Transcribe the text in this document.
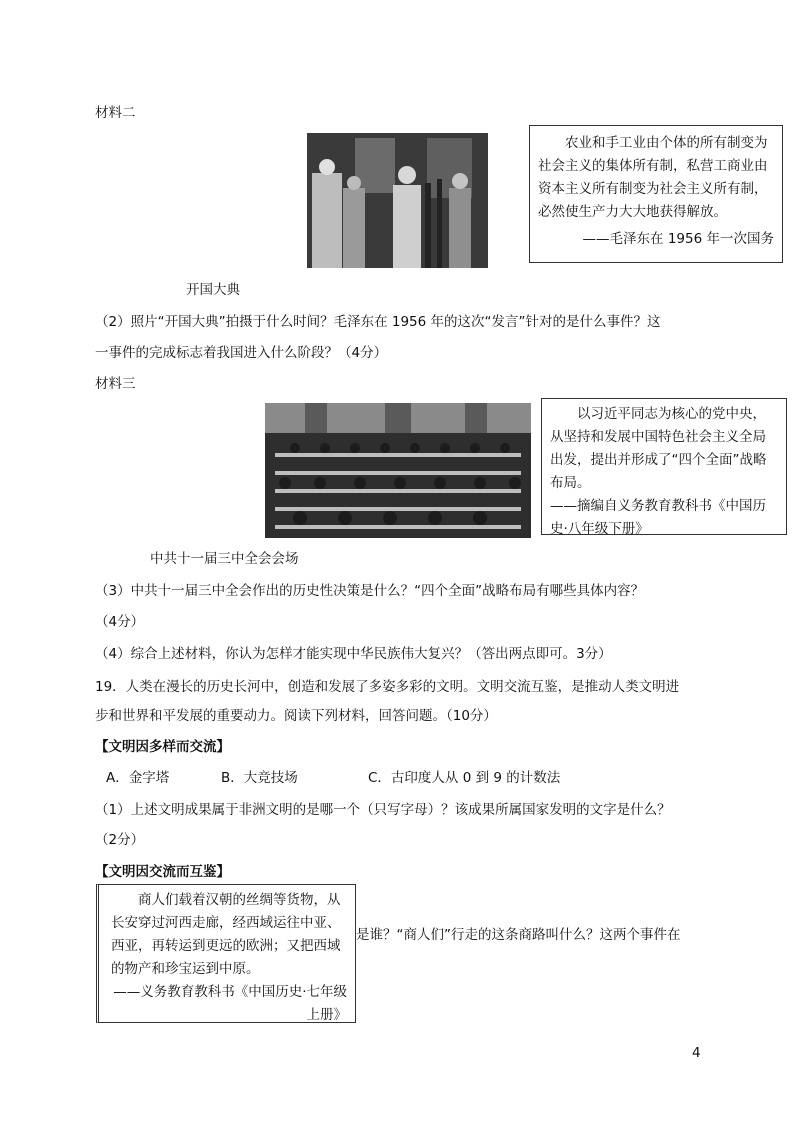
材料二
农业和手工业由个体的所有制变为社会主义的集体所有制，私营工商业由资本主义所有制变为社会主义所有制，必然使生产力大大地获得解放。
——毛泽东在 1956 年一次国务
开国大典
（2）照片“开国大典”拍摄于什么时间？毛泽东在 1956 年的这次“发言”针对的是什么事件？这
一事件的完成标志着我国进入什么阶段？（4分）
材料三
以习近平同志为核心的党中央，从坚持和发展中国特色社会主义全局出发，提出并形成了“四个全面”战略布局。
——摘编自义务教育教科书《中国历史·八年级下册》
中共十一届三中全会会场
（3）中共十一届三中全会作出的历史性决策是什么？“四个全面”战略布局有哪些具体内容？
（4分）
（4）综合上述材料，你认为怎样才能实现中华民族伟大复兴？（答出两点即可。3分）
19．人类在漫长的历史长河中，创造和发展了多姿多彩的文明。文明交流互鉴，是推动人类文明进
步和世界和平发展的重要动力。阅读下列材料，回答问题。（10分）
【文明因多样而交流】
A．金字塔	B．大竞技场	C．古印度人从 0 到 9 的计数法
（1）上述文明成果属于非洲文明的是哪一个（只写字母）？该成果所属国家发明的文字是什么？
（2分）
【文明因交流而互鉴】
是谁？“商人们”行走的这条商路叫什么？这两个事件在
商人们载着汉朝的丝绸等货物，从长安穿过河西走廊，经西域运往中亚、西亚，再转运到更远的欧洲；又把西域的物产和珍宝运到中原。
——义务教育教科书《中国历史·七年级上册》
4
